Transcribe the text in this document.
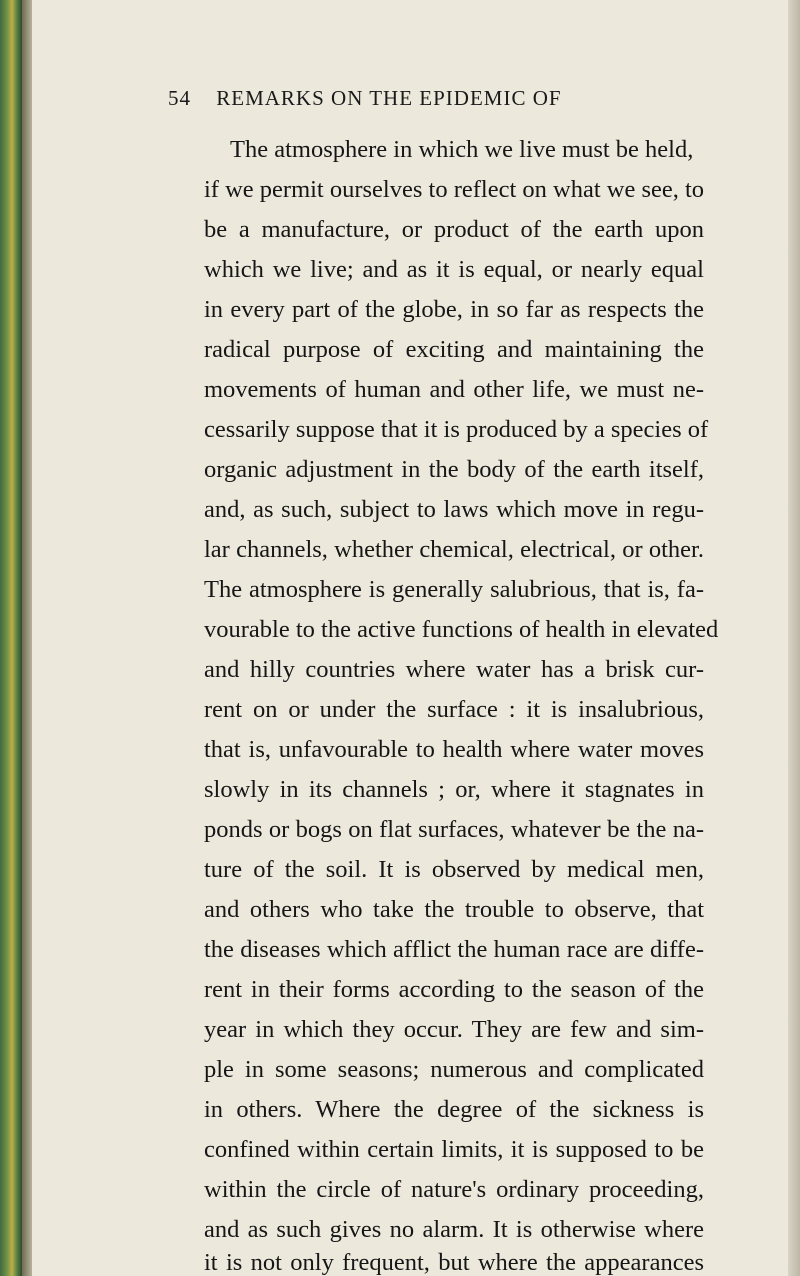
54 REMARKS ON THE EPIDEMIC OF
The atmosphere in which we live must be held,
if we permit ourselves to reflect on what we see, to
be a manufacture, or product of the earth upon
which we live; and as it is equal, or nearly equal
in every part of the globe, in so far as respects the
radical purpose of exciting and maintaining the
movements of human and other life, we must ne-
cessarily suppose that it is produced by a species of
organic adjustment in the body of the earth itself,
and, as such, subject to laws which move in regu-
lar channels, whether chemical, electrical, or other.
The atmosphere is generally salubrious, that is, fa-
vourable to the active functions of health in elevated
and hilly countries where water has a brisk cur-
rent on or under the surface : it is insalubrious,
that is, unfavourable to health where water moves
slowly in its channels ; or, where it stagnates in
ponds or bogs on flat surfaces, whatever be the na-
ture of the soil. It is observed by medical men,
and others who take the trouble to observe, that
the diseases which afflict the human race are diffe-
rent in their forms according to the season of the
year in which they occur. They are few and sim-
ple in some seasons; numerous and complicated
in others. Where the degree of the sickness is
confined within certain limits, it is supposed to be
within the circle of nature's ordinary proceeding,
and as such gives no alarm. It is otherwise where
it is not only frequent, but where the appearances
